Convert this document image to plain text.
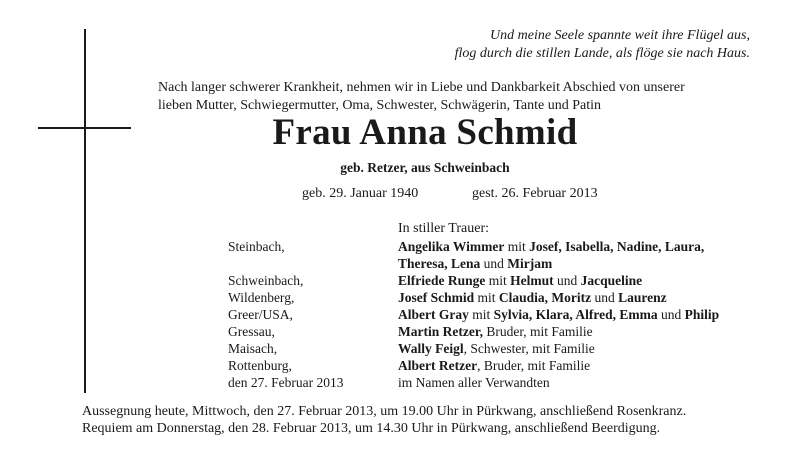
Und meine Seele spannte weit ihre Flügel aus,
flog durch die stillen Lande, als flöge sie nach Haus.
Nach langer schwerer Krankheit, nehmen wir in Liebe und Dankbarkeit Abschied von unserer
lieben Mutter, Schwiegermutter, Oma, Schwester, Schwägerin, Tante und Patin
Frau Anna Schmid
geb. Retzer, aus Schweinbach
geb. 29. Januar 1940	gest. 26. Februar 2013
In stiller Trauer:
Steinbach,	Angelika Wimmer mit Josef, Isabella, Nadine, Laura,
Theresa, Lena und Mirjam
Schweinbach,	Elfriede Runge mit Helmut und Jacqueline
Wildenberg,	Josef Schmid mit Claudia, Moritz und Laurenz
Greer/USA,	Albert Gray mit Sylvia, Klara, Alfred, Emma und Philip
Gressau,	Martin Retzer, Bruder, mit Familie
Maisach,	Wally Feigl, Schwester, mit Familie
Rottenburg,	Albert Retzer, Bruder, mit Familie
den 27. Februar 2013	im Namen aller Verwandten
Aussegnung heute, Mittwoch, den 27. Februar 2013, um 19.00 Uhr in Pürkwang, anschließend Rosenkranz.
Requiem am Donnerstag, den 28. Februar 2013, um 14.30 Uhr in Pürkwang, anschließend Beerdigung.
